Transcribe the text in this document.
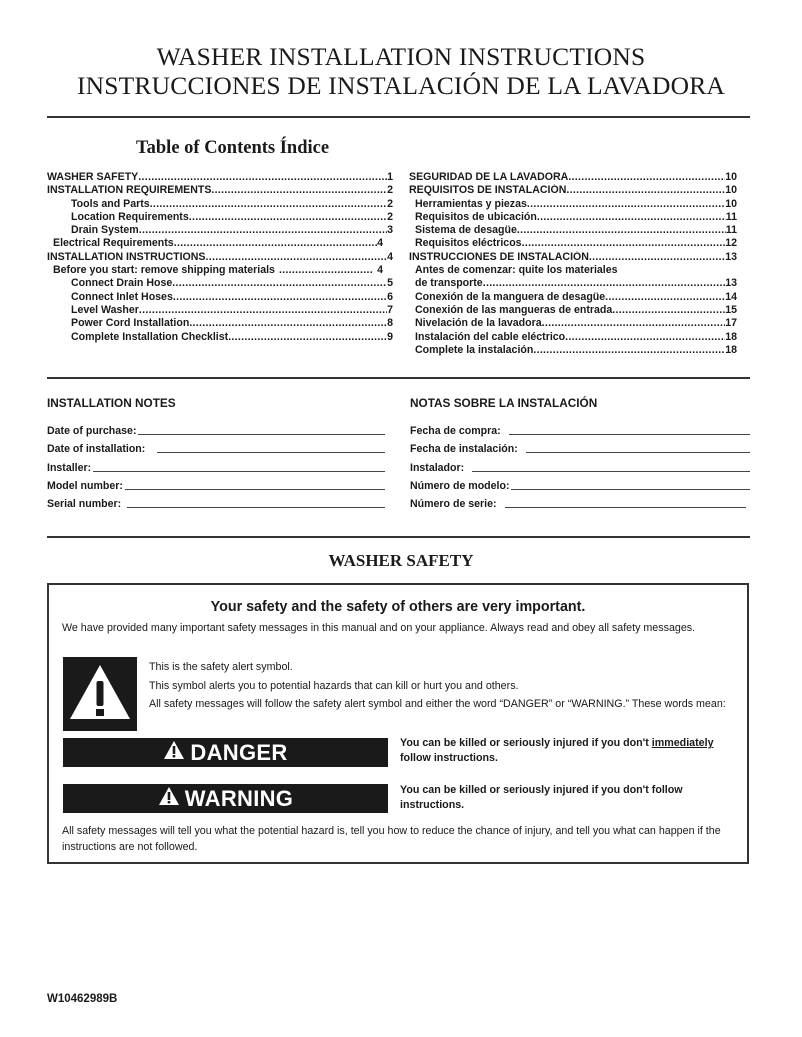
WASHER INSTALLATION INSTRUCTIONS
INSTRUCCIONES DE INSTALACIÓN DE LA LAVADORA
Table of Contents Índice
WASHER SAFETY .....	1
INSTALLATION REQUIREMENTS .....	2
Tools and Parts .....	2
Location Requirements .....	2
Drain System .....	3
Electrical Requirements .....	4
INSTALLATION INSTRUCTIONS .....	4
Before you start: remove shipping materials .....	4
Connect Drain Hose .....	5
Connect Inlet Hoses .....	6
Level Washer .....	7
Power Cord Installation .....	8
Complete Installation Checklist .....	9
SEGURIDAD DE LA LAVADORA .....	10
REQUISITOS DE INSTALACIÓN .....	10
Herramientas y piezas .....	10
Requisitos de ubicación .....	11
Sistema de desagüe .....	11
Requisitos eléctricos .....	12
INSTRUCCIONES DE INSTALACIÓN .....	13
Antes de comenzar: quite los materiales
de transporte .....	13
Conexión de la manguera de desagüe .....	14
Conexión de las mangueras de entrada .....	15
Nivelación de la lavadora .....	17
Instalación del cable eléctrico .....	18
Complete la instalación .....	18
INSTALLATION NOTES	NOTAS SOBRE LA INSTALACIÓN
Date of purchase:
Date of installation:
Installer:
Model number:
Serial number:
Fecha de compra:
Fecha de instalación:
Instalador:
Número de modelo:
Número de serie:
WASHER SAFETY
Your safety and the safety of others are very important.
We have provided many important safety messages in this manual and on your appliance. Always read and obey all safety messages.
This is the safety alert symbol.
This symbol alerts you to potential hazards that can kill or hurt you and others.
All safety messages will follow the safety alert symbol and either the word “DANGER” or “WARNING.” These words mean:
DANGER	You can be killed or seriously injured if you don't immediately follow instructions.
WARNING	You can be killed or seriously injured if you don't follow instructions.
All safety messages will tell you what the potential hazard is, tell you how to reduce the chance of injury, and tell you what can happen if the instructions are not followed.
W10462989B
